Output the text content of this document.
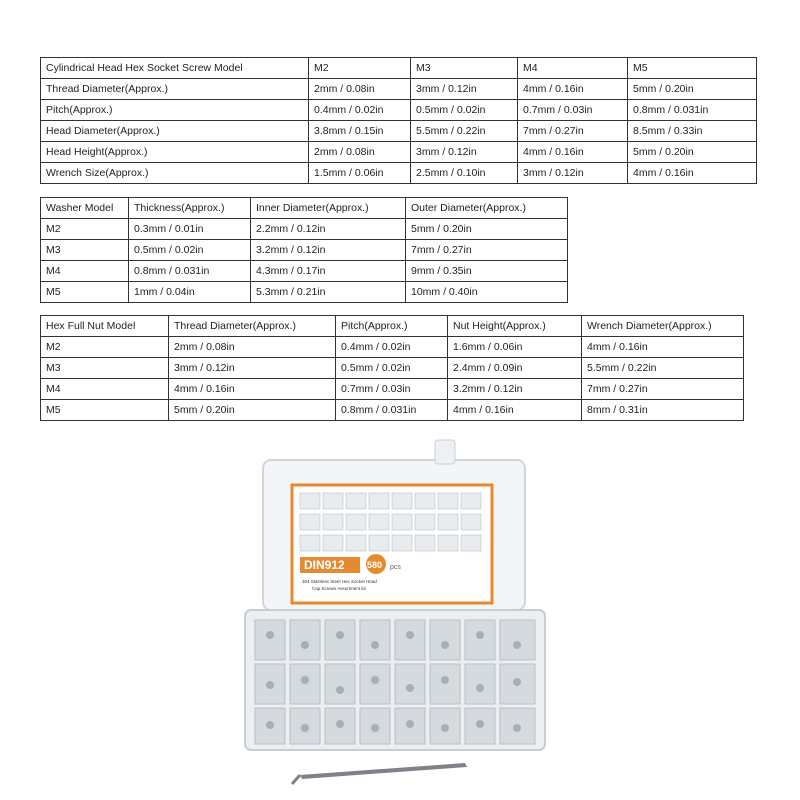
Cylindrical Head Hex Socket Screw Model	M2	M3	M4	M5
Thread Diameter(Approx.)	2mm / 0.08in	3mm / 0.12in	4mm / 0.16in	5mm / 0.20in
Pitch(Approx.)	0.4mm / 0.02in	0.5mm / 0.02in	0.7mm / 0.03in	0.8mm / 0.031in
Head Diameter(Approx.)	3.8mm / 0.15in	5.5mm / 0.22in	7mm / 0.27in	8.5mm / 0.33in
Head Height(Approx.)	2mm / 0.08in	3mm / 0.12in	4mm / 0.16in	5mm / 0.20in
Wrench Size(Approx.)	1.5mm / 0.06in	2.5mm / 0.10in	3mm / 0.12in	4mm / 0.16in
Washer Model	Thickness(Approx.)	Inner Diameter(Approx.)	Outer Diameter(Approx.)
M2	0.3mm / 0.01in	2.2mm / 0.12in	5mm / 0.20in
M3	0.5mm / 0.02in	3.2mm / 0.12in	7mm / 0.27in
M4	0.8mm / 0.031in	4.3mm / 0.17in	9mm / 0.35in
M5	1mm / 0.04in	5.3mm / 0.21in	10mm / 0.40in
Hex Full Nut Model	Thread Diameter(Approx.)	Pitch(Approx.)	Nut Height(Approx.)	Wrench Diameter(Approx.)
M2	2mm / 0.08in	0.4mm / 0.02in	1.6mm / 0.06in	4mm / 0.16in
M3	3mm / 0.12in	0.5mm / 0.02in	2.4mm / 0.09in	5.5mm / 0.22in
M4	4mm / 0.16in	0.7mm / 0.03in	3.2mm / 0.12in	7mm / 0.27in
M5	5mm / 0.20in	0.8mm / 0.031in	4mm / 0.16in	8mm / 0.31in
DIN912 580 pcs
304 Stainless Steel Hex Socket Head
Cap Screws Assortment kit
